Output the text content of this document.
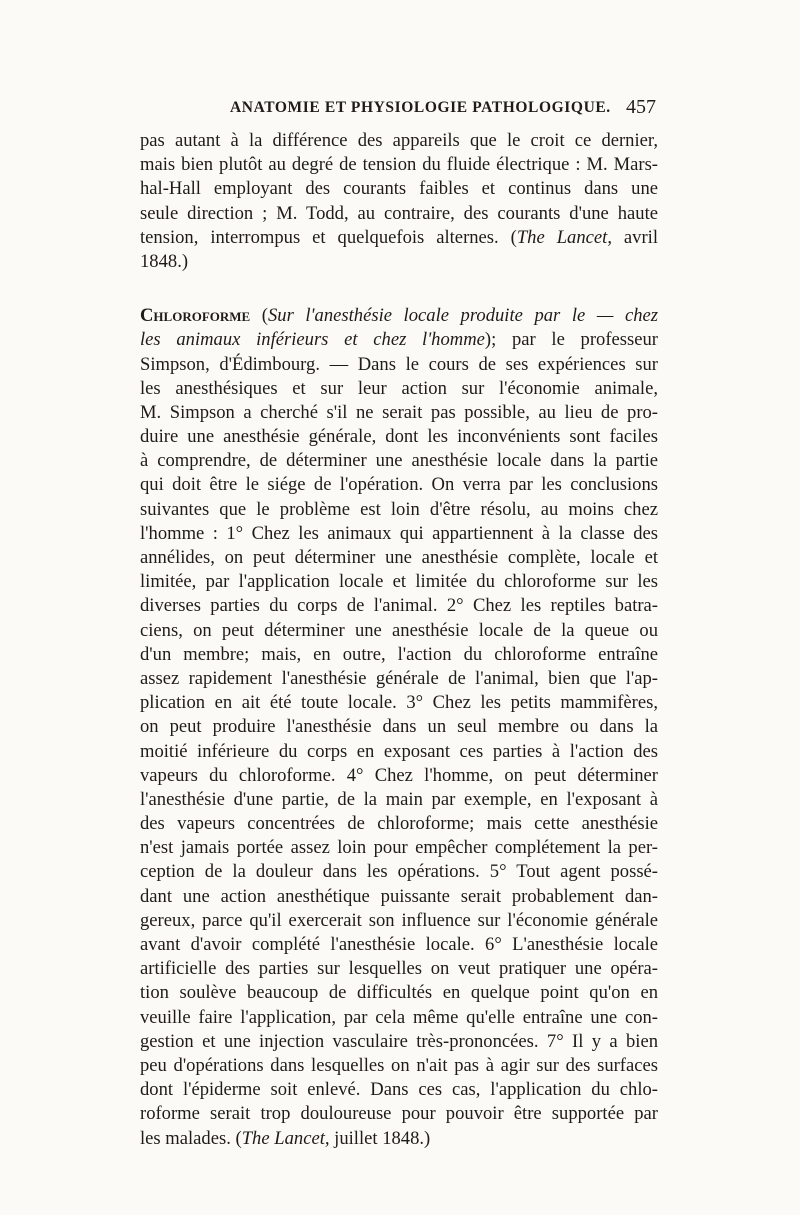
ANATOMIE ET PHYSIOLOGIE PATHOLOGIQUE. 457
pas autant à la différence des appareils que le croit ce dernier,
mais bien plutôt au degré de tension du fluide électrique : M. Mars-
hal-Hall employant des courants faibles et continus dans une
seule direction ; M. Todd, au contraire, des courants d'une haute
tension, interrompus et quelquefois alternes. (The Lancet, avril
1848.)
Chloroforme (Sur l'anesthésie locale produite par le — chez
les animaux inférieurs et chez l'homme); par le professeur
Simpson, d'Édimbourg. — Dans le cours de ses expériences sur
les anesthésiques et sur leur action sur l'économie animale,
M. Simpson a cherché s'il ne serait pas possible, au lieu de pro-
duire une anesthésie générale, dont les inconvénients sont faciles
à comprendre, de déterminer une anesthésie locale dans la partie
qui doit être le siége de l'opération. On verra par les conclusions
suivantes que le problème est loin d'être résolu, au moins chez
l'homme : 1° Chez les animaux qui appartiennent à la classe des
annélides, on peut déterminer une anesthésie complète, locale et
limitée, par l'application locale et limitée du chloroforme sur les
diverses parties du corps de l'animal. 2° Chez les reptiles batra-
ciens, on peut déterminer une anesthésie locale de la queue ou
d'un membre; mais, en outre, l'action du chloroforme entraîne
assez rapidement l'anesthésie générale de l'animal, bien que l'ap-
plication en ait été toute locale. 3° Chez les petits mammifères,
on peut produire l'anesthésie dans un seul membre ou dans la
moitié inférieure du corps en exposant ces parties à l'action des
vapeurs du chloroforme. 4° Chez l'homme, on peut déterminer
l'anesthésie d'une partie, de la main par exemple, en l'exposant à
des vapeurs concentrées de chloroforme; mais cette anesthésie
n'est jamais portée assez loin pour empêcher complétement la per-
ception de la douleur dans les opérations. 5° Tout agent possé-
dant une action anesthétique puissante serait probablement dan-
gereux, parce qu'il exercerait son influence sur l'économie générale
avant d'avoir complété l'anesthésie locale. 6° L'anesthésie locale
artificielle des parties sur lesquelles on veut pratiquer une opéra-
tion soulève beaucoup de difficultés en quelque point qu'on en
veuille faire l'application, par cela même qu'elle entraîne une con-
gestion et une injection vasculaire très-prononcées. 7° Il y a bien
peu d'opérations dans lesquelles on n'ait pas à agir sur des surfaces
dont l'épiderme soit enlevé. Dans ces cas, l'application du chlo-
roforme serait trop douloureuse pour pouvoir être supportée par
les malades. (The Lancet, juillet 1848.)
